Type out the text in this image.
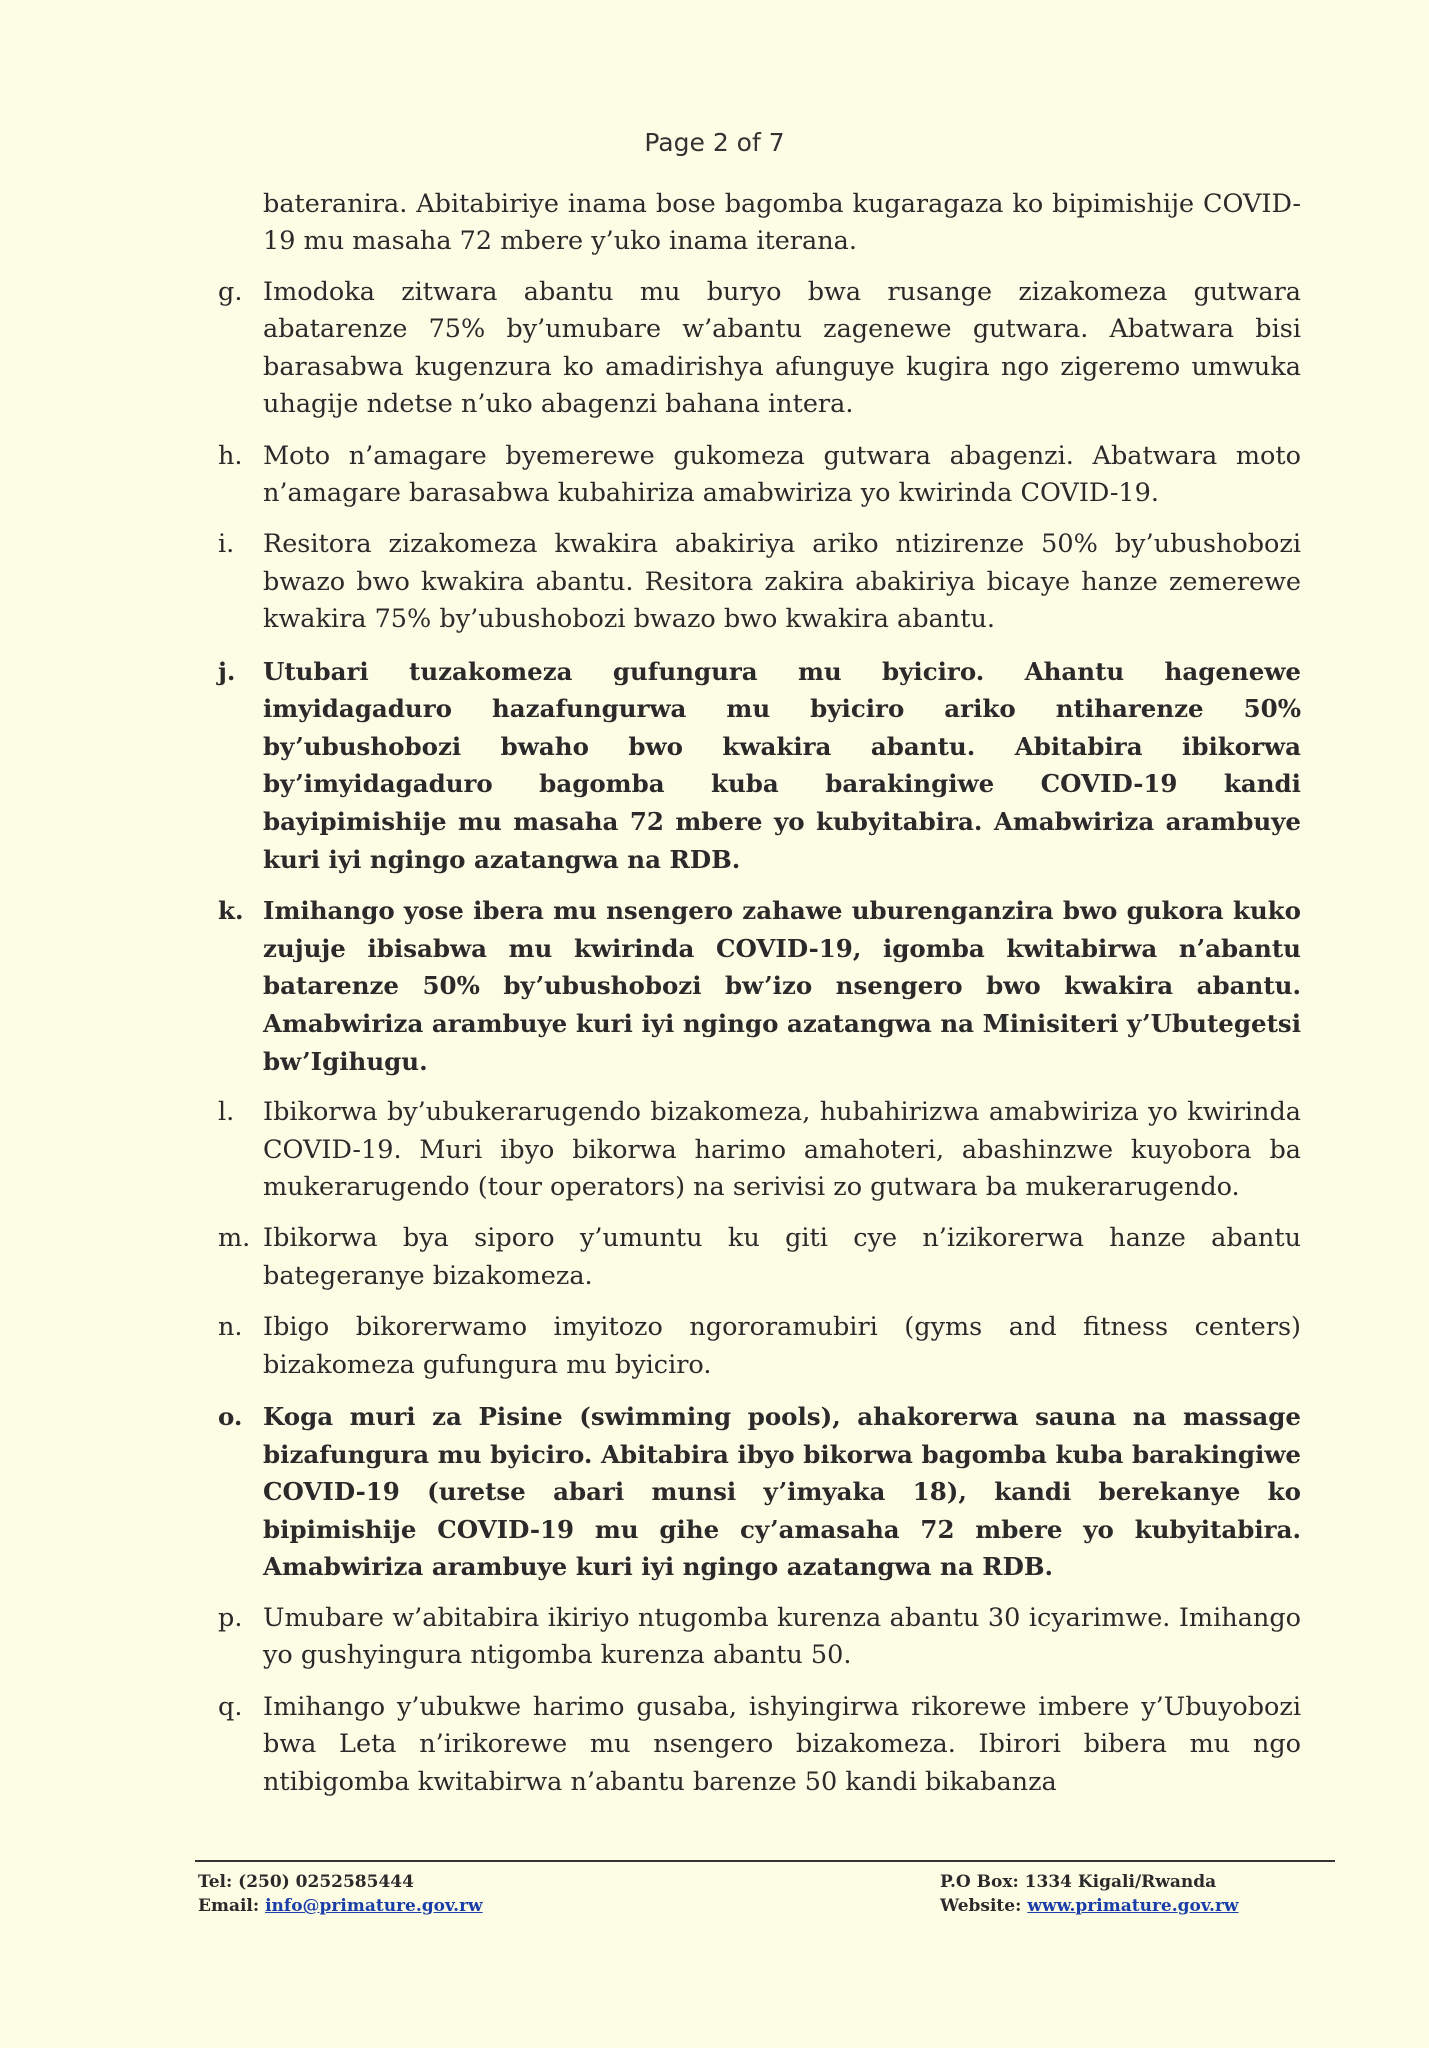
Page 2 of 7

bateranira. Abitabiriye inama bose bagomba kugaragaza ko bipimishije COVID-19 mu masaha 72 mbere y’uko inama iterana.

g. Imodoka zitwara abantu mu buryo bwa rusange zizakomeza gutwara abatarenze 75% by’umubare w’abantu zagenewe gutwara. Abatwara bisi barasabwa kugenzura ko amadirishya afunguye kugira ngo zigeremo umwuka uhagije ndetse n’uko abagenzi bahana intera.
h. Moto n’amagare byemerewe gukomeza gutwara abagenzi. Abatwara moto n’amagare barasabwa kubahiriza amabwiriza yo kwirinda COVID-19.
i.	Resitora zizakomeza kwakira abakiriya ariko ntizirenze 50% by’ubushobozi bwazo bwo kwakira abantu. Resitora zakira abakiriya bicaye hanze zemerewe kwakira 75% by’ubushobozi bwazo bwo kwakira abantu.
j.	Utubari tuzakomeza gufungura mu byiciro. Ahantu hagenewe imyidagaduro hazafungurwa mu byiciro ariko ntiharenze 50% by’ubushobozi bwaho bwo kwakira abantu. Abitabira ibikorwa by’imyidagaduro bagomba kuba barakingiwe COVID-19 kandi bayipimishije mu masaha 72 mbere yo kubyitabira. Amabwiriza arambuye kuri iyi ngingo azatangwa na RDB.
k. Imihango yose ibera mu nsengero zahawe uburenganzira bwo gukora kuko zujuje ibisabwa mu kwirinda COVID-19, igomba kwitabirwa n’abantu batarenze 50% by’ubushobozi bw’izo nsengero bwo kwakira abantu. Amabwiriza arambuye kuri iyi ngingo azatangwa na Minisiteri y’Ubutegetsi bw’Igihugu.
l.	Ibikorwa by’ubukerarugendo bizakomeza, hubahirizwa amabwiriza yo kwirinda COVID-19. Muri ibyo bikorwa harimo amahoteri, abashinzwe kuyobora ba mukerarugendo (tour operators) na serivisi zo gutwara ba mukerarugendo.
m. Ibikorwa bya siporo y’umuntu ku giti cye n’izikorerwa hanze abantu bategeranye bizakomeza.
n. Ibigo bikorerwamo imyitozo ngororamubiri (gyms and fitness centers) bizakomeza gufungura mu byiciro.
o. Koga muri za Pisine (swimming pools), ahakorerwa sauna na massage bizafungura mu byiciro. Abitabira ibyo bikorwa bagomba kuba barakingiwe COVID-19 (uretse abari munsi y’imyaka 18), kandi berekanye ko bipimishije COVID-19 mu gihe cy’amasaha 72 mbere yo kubyitabira. Amabwiriza arambuye kuri iyi ngingo azatangwa na RDB.
p. Umubare w’abitabira ikiriyo ntugomba kurenza abantu 30 icyarimwe. Imihango yo gushyingura ntigomba kurenza abantu 50.
q. Imihango y’ubukwe harimo gusaba, ishyingirwa rikorewe imbere y’Ubuyobozi bwa Leta n’irikorewe mu nsengero bizakomeza. Ibirori bibera mu ngo ntibigomba kwitabirwa n’abantu barenze 50 kandi bikabanza
Tel: (250) 0252585444
Email: info@primature.gov.rw
P.O Box: 1334 Kigali/Rwanda
Website: www.primature.gov.rw
